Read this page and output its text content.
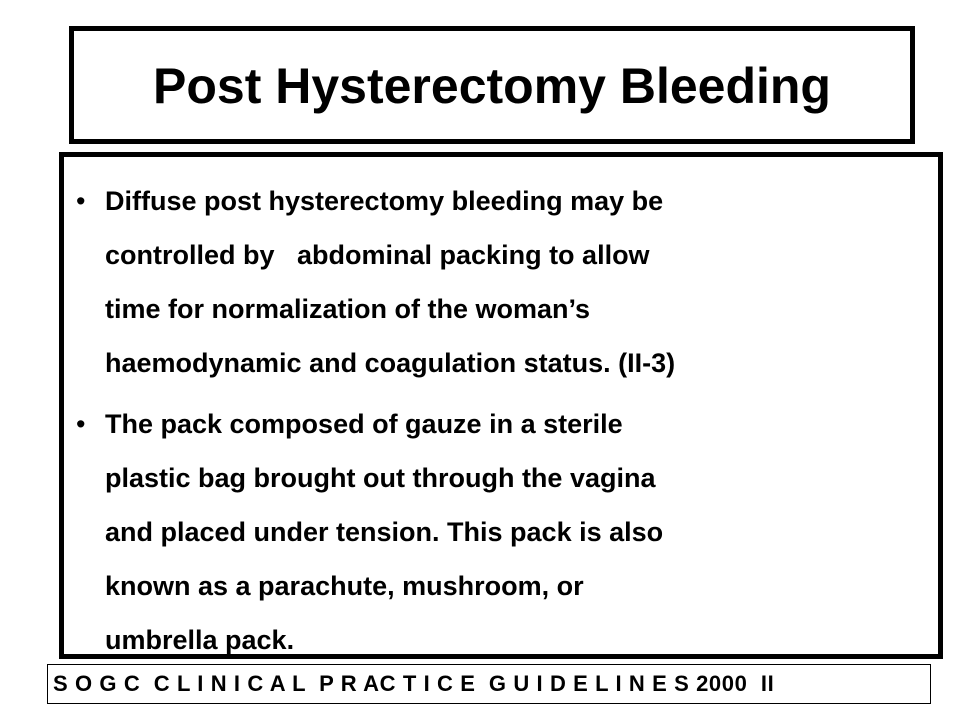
Post Hysterectomy Bleeding
• Diffuse post hysterectomy bleeding may be
controlled by   abdominal packing to allow
time for normalization of the woman’s
haemodynamic and coagulation status. (II-3)
• The pack composed of gauze in a sterile
plastic bag brought out through the vagina
and placed under tension. This pack is also
known as a parachute, mushroom, or
umbrella pack.
S O G C  C L I N I C A L  P R AC T I C E  G U I D E L I N E S 2000  II
